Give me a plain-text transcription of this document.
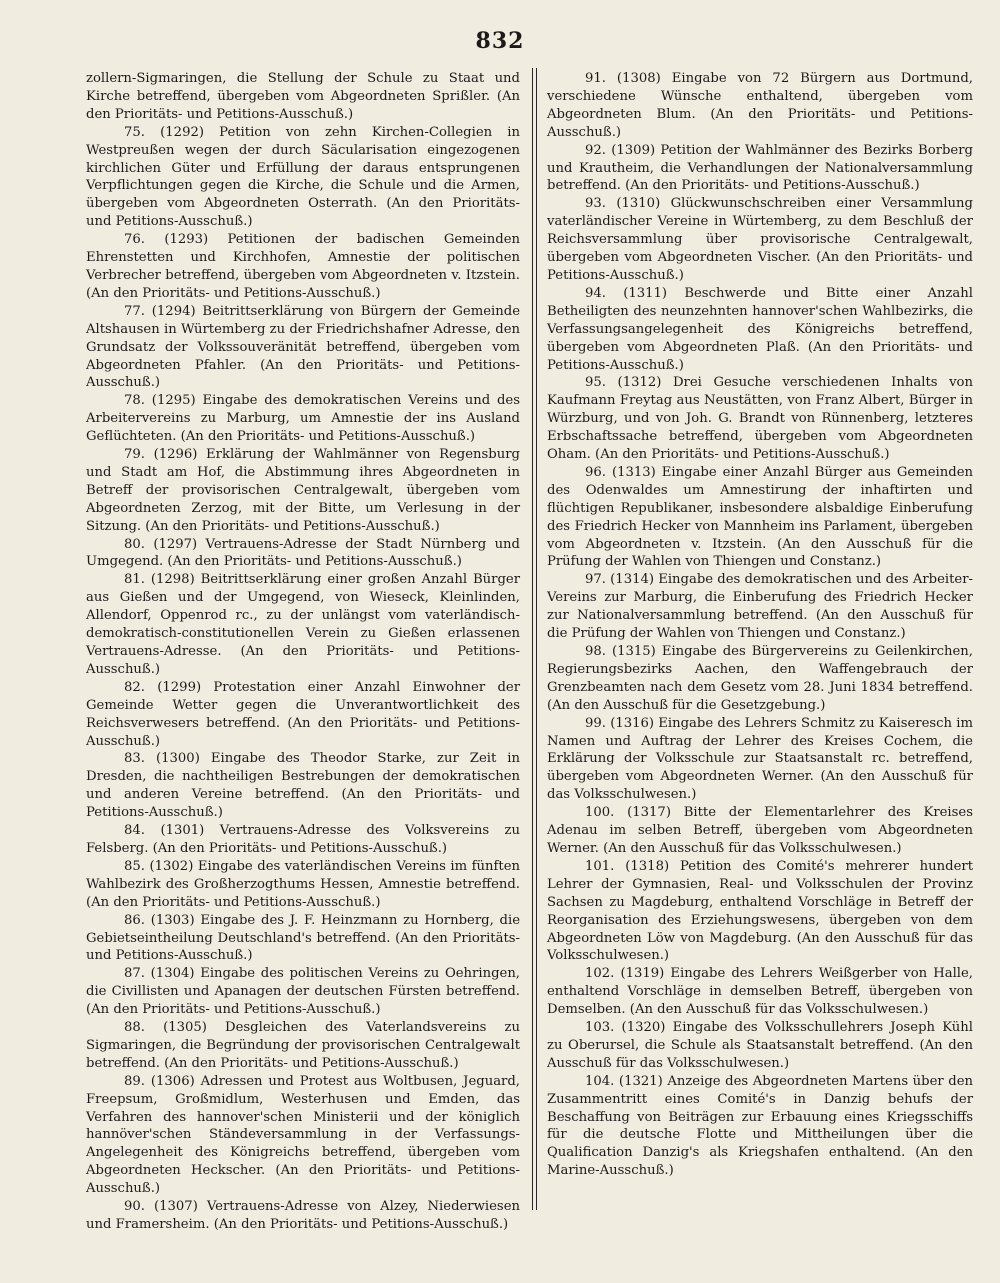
832

zollern-Sigmaringen, die Stellung der Schule zu Staat und Kirche betreffend, übergeben vom Abgeordneten Sprißler. (An den Prioritäts- und Petitions-Ausschuß.)

75. (1292) Petition von zehn Kirchen-Collegien in Westpreußen wegen der durch Säcularisation eingezogenen kirchlichen Güter und Erfüllung der daraus entsprungenen Verpflichtungen gegen die Kirche, die Schule und die Armen, übergeben vom Abgeordneten Osterrath. (An den Prioritäts- und Petitions-Ausschuß.)

76. (1293) Petitionen der badischen Gemeinden Ehrenstetten und Kirchhofen, Amnestie der politischen Verbrecher betreffend, übergeben vom Abgeordneten v. Itzstein. (An den Prioritäts- und Petitions-Ausschuß.)

77. (1294) Beitrittserklärung von Bürgern der Gemeinde Altshausen in Würtemberg zu der Friedrichshafner Adresse, den Grundsatz der Volkssouveränität betreffend, übergeben vom Abgeordneten Pfahler. (An den Prioritäts- und Petitions-Ausschuß.)

78. (1295) Eingabe des demokratischen Vereins und des Arbeitervereins zu Marburg, um Amnestie der ins Ausland Geflüchteten. (An den Prioritäts- und Petitions-Ausschuß.)

79. (1296) Erklärung der Wahlmänner von Regensburg und Stadt am Hof, die Abstimmung ihres Abgeordneten in Betreff der provisorischen Centralgewalt, übergeben vom Abgeordneten Zerzog, mit der Bitte, um Verlesung in der Sitzung. (An den Prioritäts- und Petitions-Ausschuß.)

80. (1297) Vertrauens-Adresse der Stadt Nürnberg und Umgegend. (An den Prioritäts- und Petitions-Ausschuß.)

81. (1298) Beitrittserklärung einer großen Anzahl Bürger aus Gießen und der Umgegend, von Wieseck, Kleinlinden, Allendorf, Oppenrod rc., zu der unlängst vom vaterländisch-demokratisch-constitutionellen Verein zu Gießen erlassenen Vertrauens-Adresse. (An den Prioritäts- und Petitions-Ausschuß.)

82. (1299) Protestation einer Anzahl Einwohner der Gemeinde Wetter gegen die Unverantwortlichkeit des Reichsverwesers betreffend. (An den Prioritäts- und Petitions-Ausschuß.)

83. (1300) Eingabe des Theodor Starke, zur Zeit in Dresden, die nachtheiligen Bestrebungen der demokratischen und anderen Vereine betreffend. (An den Prioritäts- und Petitions-Ausschuß.)

84. (1301) Vertrauens-Adresse des Volksvereins zu Felsberg. (An den Prioritäts- und Petitions-Ausschuß.)

85. (1302) Eingabe des vaterländischen Vereins im fünften Wahlbezirk des Großherzogthums Hessen, Amnestie betreffend. (An den Prioritäts- und Petitions-Ausschuß.)

86. (1303) Eingabe des J. F. Heinzmann zu Hornberg, die Gebietseintheilung Deutschland's betreffend. (An den Prioritäts- und Petitions-Ausschuß.)

87. (1304) Eingabe des politischen Vereins zu Oehringen, die Civillisten und Apanagen der deutschen Fürsten betreffend. (An den Prioritäts- und Petitions-Ausschuß.)

88. (1305) Desgleichen des Vaterlandsvereins zu Sigmaringen, die Begründung der provisorischen Centralgewalt betreffend. (An den Prioritäts- und Petitions-Ausschuß.)

89. (1306) Adressen und Protest aus Woltbusen, Jeguard, Freepsum, Großmidlum, Westerhusen und Emden, das Verfahren des hannover'schen Ministerii und der königlich hannöver'schen Ständeversammlung in der Verfassungs-Angelegenheit des Königreichs betreffend, übergeben vom Abgeordneten Heckscher. (An den Prioritäts- und Petitions-Ausschuß.)

90. (1307) Vertrauens-Adresse von Alzey, Niederwiesen und Framersheim. (An den Prioritäts- und Petitions-Ausschuß.)

91. (1308) Eingabe von 72 Bürgern aus Dortmund, verschiedene Wünsche enthaltend, übergeben vom Abgeordneten Blum. (An den Prioritäts- und Petitions-Ausschuß.)

92. (1309) Petition der Wahlmänner des Bezirks Borberg und Krautheim, die Verhandlungen der Nationalversammlung betreffend. (An den Prioritäts- und Petitions-Ausschuß.)

93. (1310) Glückwunschschreiben einer Versammlung vaterländischer Vereine in Würtemberg, zu dem Beschluß der Reichsversammlung über provisorische Centralgewalt, übergeben vom Abgeordneten Vischer. (An den Prioritäts- und Petitions-Ausschuß.)

94. (1311) Beschwerde und Bitte einer Anzahl Betheiligten des neunzehnten hannover'schen Wahlbezirks, die Verfassungsangelegenheit des Königreichs betreffend, übergeben vom Abgeordneten Plaß. (An den Prioritäts- und Petitions-Ausschuß.)

95. (1312) Drei Gesuche verschiedenen Inhalts von Kaufmann Freytag aus Neustätten, von Franz Albert, Bürger in Würzburg, und von Joh. G. Brandt von Rünnenberg, letzteres Erbschaftssache betreffend, übergeben vom Abgeordneten Oham. (An den Prioritäts- und Petitions-Ausschuß.)

96. (1313) Eingabe einer Anzahl Bürger aus Gemeinden des Odenwaldes um Amnestirung der inhaftirten und flüchtigen Republikaner, insbesondere alsbaldige Einberufung des Friedrich Hecker von Mannheim ins Parlament, übergeben vom Abgeordneten v. Itzstein. (An den Ausschuß für die Prüfung der Wahlen von Thiengen und Constanz.)

97. (1314) Eingabe des demokratischen und des Arbeiter-Vereins zur Marburg, die Einberufung des Friedrich Hecker zur Nationalversammlung betreffend. (An den Ausschuß für die Prüfung der Wahlen von Thiengen und Constanz.)

98. (1315) Eingabe des Bürgervereins zu Geilenkirchen, Regierungsbezirks Aachen, den Waffengebrauch der Grenzbeamten nach dem Gesetz vom 28. Juni 1834 betreffend. (An den Ausschuß für die Gesetzgebung.)

99. (1316) Eingabe des Lehrers Schmitz zu Kaiseresch im Namen und Auftrag der Lehrer des Kreises Cochem, die Erklärung der Volksschule zur Staatsanstalt rc. betreffend, übergeben vom Abgeordneten Werner. (An den Ausschuß für das Volksschulwesen.)

100. (1317) Bitte der Elementarlehrer des Kreises Adenau im selben Betreff, übergeben vom Abgeordneten Werner. (An den Ausschuß für das Volksschulwesen.)

101. (1318) Petition des Comité's mehrerer hundert Lehrer der Gymnasien, Real- und Volksschulen der Provinz Sachsen zu Magdeburg, enthaltend Vorschläge in Betreff der Reorganisation des Erziehungswesens, übergeben von dem Abgeordneten Löw von Magdeburg. (An den Ausschuß für das Volksschulwesen.)

102. (1319) Eingabe des Lehrers Weißgerber von Halle, enthaltend Vorschläge in demselben Betreff, übergeben von Demselben. (An den Ausschuß für das Volksschulwesen.)

103. (1320) Eingabe des Volksschullehrers Joseph Kühl zu Oberursel, die Schule als Staatsanstalt betreffend. (An den Ausschuß für das Volksschulwesen.)

104. (1321) Anzeige des Abgeordneten Martens über den Zusammentritt eines Comité's in Danzig behufs der Beschaffung von Beiträgen zur Erbauung eines Kriegsschiffs für die deutsche Flotte und Mittheilungen über die Qualification Danzig's als Kriegshafen enthaltend. (An den Marine-Ausschuß.)
